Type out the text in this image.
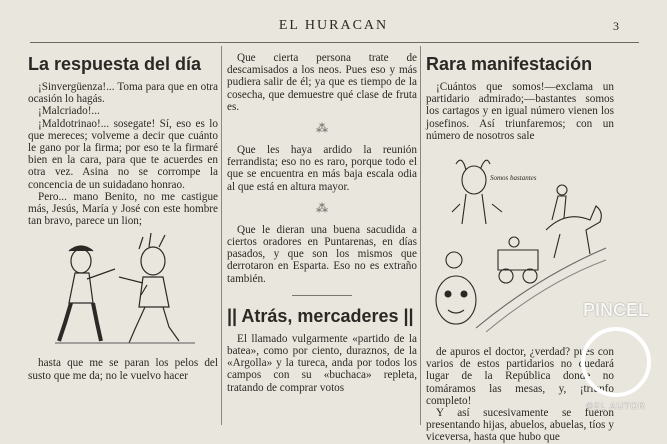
EL HURACAN	3
La respuesta del día

¡Sinvergüenza!... Toma para que en otra ocasión lo hagás.

¡Malcriado!...

¡Maldotrinao!... sosegate! Sí, eso es lo que mereces; volveme a decir que cuánto le gano por la firma; por eso te la firmaré bien en la cara, para que te acuerdes en otra vez. Asina no se corrompe la concencia de un suidadano honrao.

Pero... mano Benito, no me castigue más, Jesús, María y José con este hombre tan bravo, parece un lion;

hasta que me se paran los pelos del susto que me da; no le vuelvo hacer

Que cierta persona trate de descamisados a los neos. Pues eso y más pudiera salir de él; ya que es tiempo de la cosecha, que demuestre qué clase de fruta es.

⁂

Que les haya ardido la reunión ferrandista; eso no es raro, porque todo el que se encuentra en más baja escala odia al que está en altura mayor.

⁂

Que le dieran una buena sacudida a ciertos oradores en Puntarenas, en días pasados, y que son los mismos que derrotaron en Esparta. Eso no es extraño también.

|| Atrás, mercaderes ||

El llamado vulgarmente «partido de la batea», como por ciento, duraznos, de la «Argolla» y la tureca, anda por todos los campos con su «buchaca» repleta, tratando de comprar votos

Rara manifestación

¡Cuántos que somos!—exclama un partidario admirado;—bastantes somos los cartagos y en igual número vienen los josefinos. Así triunfaremos; con un número de nosotros sale

Somos bastantes

de apuros el doctor, ¿verdad? pues con varios de estos partidarios no quedará lugar de la República donde no tomáramos las mesas, y, ¡triunfo completo!

Y así sucesivamente se fueron presentando hijas, abuelos, abuelas, tíos y viceversa, hasta que hubo que

PINCEL
©EL AUTOR
